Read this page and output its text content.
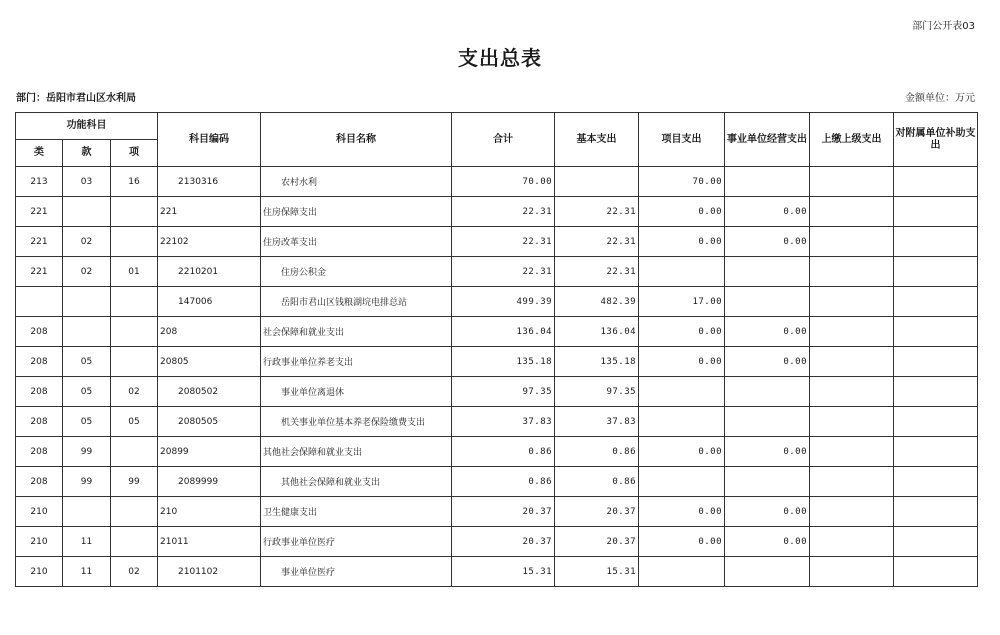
部门公开表03
支出总表
部门：岳阳市君山区水利局	金额单位：万元
功能科目			科目编码	科目名称	合计	基本支出	项目支出	事业单位经营支出	上缴上级支出	对附属单位补助支出
类	款	项								
213	03	16	2130316	农村水利	70.00		70.00			
221			221	住房保障支出	22.31	22.31	0.00	0.00		
221	02		22102	住房改革支出	22.31	22.31	0.00	0.00		
221	02	01	2210201	住房公积金	22.31	22.31				
			147006	岳阳市君山区钱粮湖垸电排总站	499.39	482.39	17.00			
208			208	社会保障和就业支出	136.04	136.04	0.00	0.00		
208	05		20805	行政事业单位养老支出	135.18	135.18	0.00	0.00		
208	05	02	2080502	事业单位离退休	97.35	97.35				
208	05	05	2080505	机关事业单位基本养老保险缴费支出	37.83	37.83				
208	99		20899	其他社会保障和就业支出	0.86	0.86	0.00	0.00		
208	99	99	2089999	其他社会保障和就业支出	0.86	0.86				
210			210	卫生健康支出	20.37	20.37	0.00	0.00		
210	11		21011	行政事业单位医疗	20.37	20.37	0.00	0.00		
210	11	02	2101102	事业单位医疗	15.31	15.31				
